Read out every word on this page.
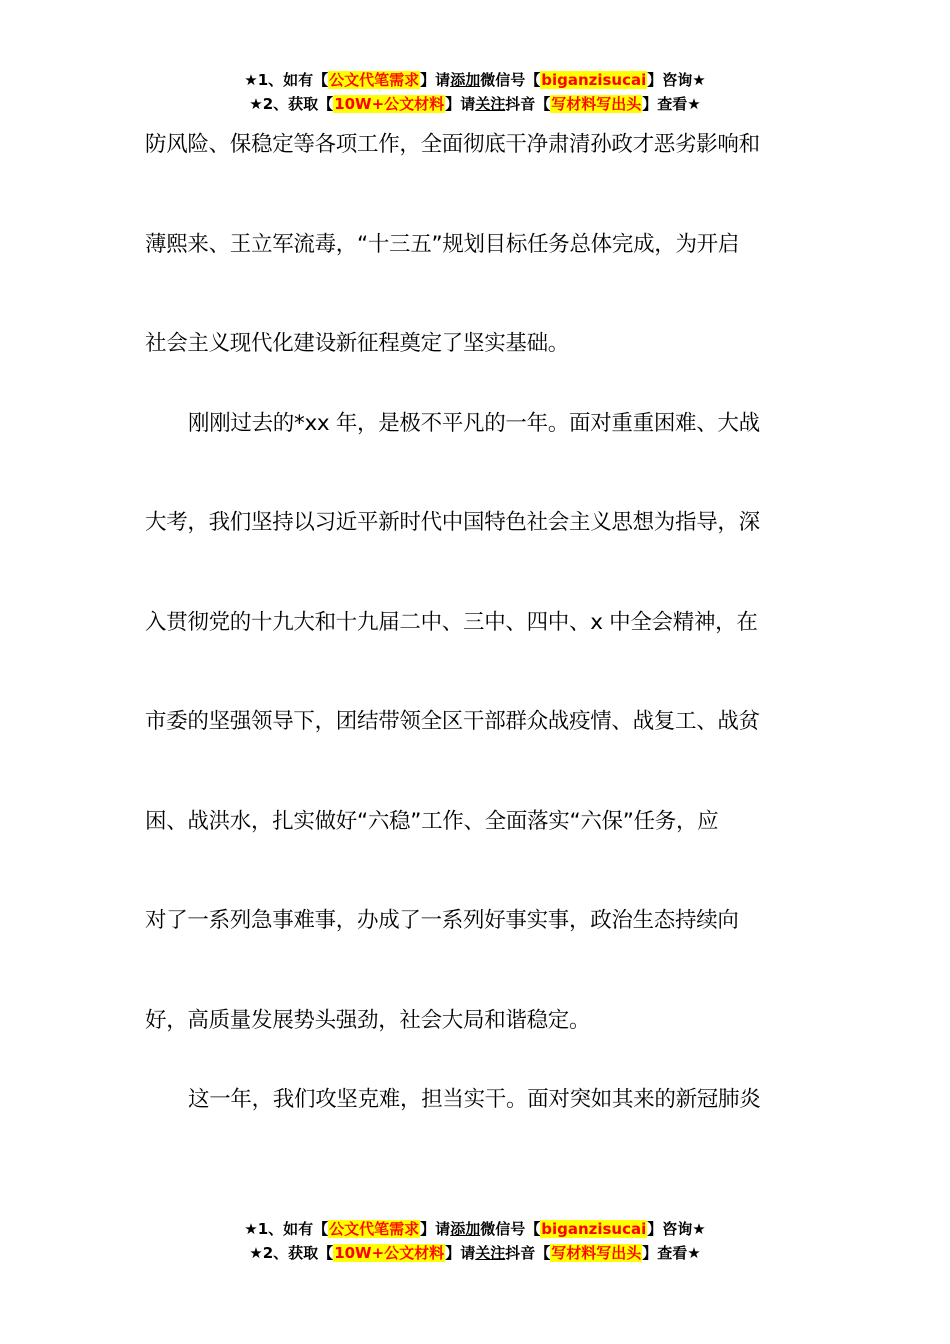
★1、如有【公文代笔需求】请添加微信号【biganzisucai】咨询★
★2、获取【10W+公文材料】请关注抖音【写材料写出头】查看★
防风险、保稳定等各项工作，全面彻底干净肃清孙政才恶劣影响和
薄熙来、王立军流毒，“十三五”规划目标任务总体完成，为开启
社会主义现代化建设新征程奠定了坚实基础。
刚刚过去的*xx 年，是极不平凡的一年。面对重重困难、大战
大考，我们坚持以习近平新时代中国特色社会主义思想为指导，深
入贯彻党的十九大和十九届二中、三中、四中、x 中全会精神，在
市委的坚强领导下，团结带领全区干部群众战疫情、战复工、战贫
困、战洪水，扎实做好“六稳”工作、全面落实“六保”任务，应
对了一系列急事难事，办成了一系列好事实事，政治生态持续向
好，高质量发展势头强劲，社会大局和谐稳定。
这一年，我们攻坚克难，担当实干。面对突如其来的新冠肺炎
★1、如有【公文代笔需求】请添加微信号【biganzisucai】咨询★
★2、获取【10W+公文材料】请关注抖音【写材料写出头】查看★
